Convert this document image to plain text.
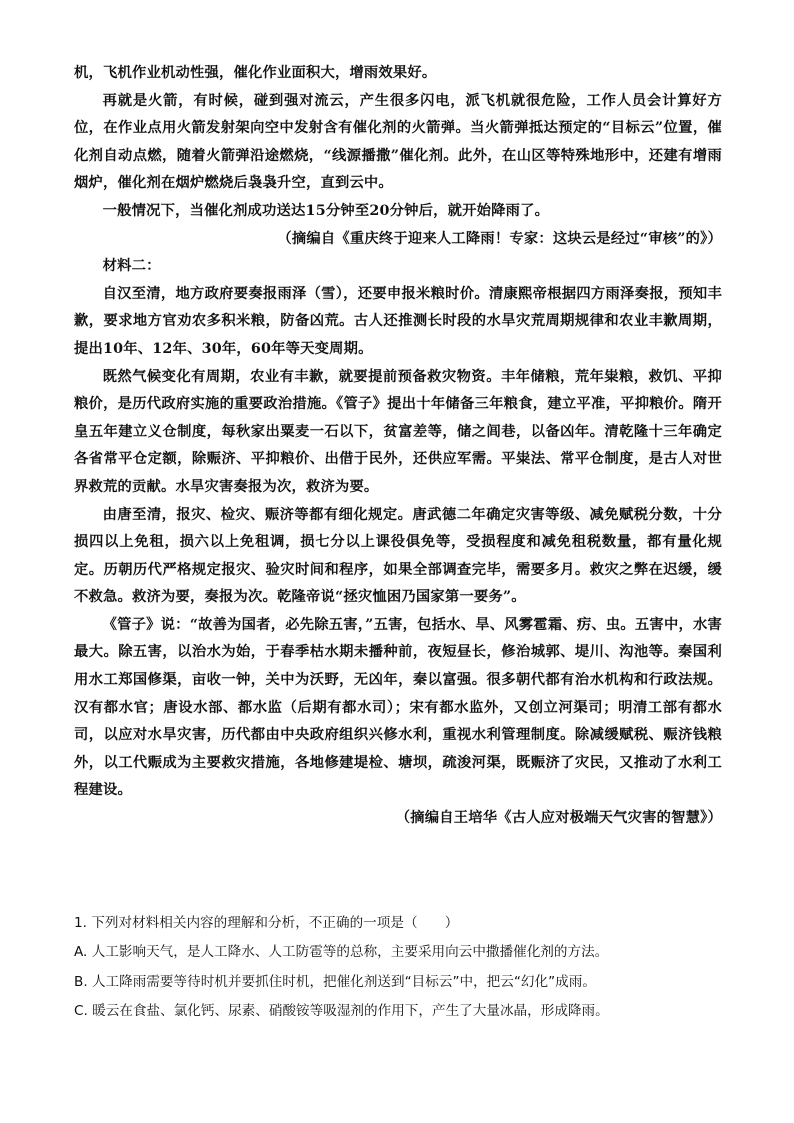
机，飞机作业机动性强，催化作业面积大，增雨效果好。

再就是火箭，有时候，碰到强对流云，产生很多闪电，派飞机就很危险，工作人员会计算好方位，在作业点用火箭发射架向空中发射含有催化剂的火箭弹。当火箭弹抵达预定的“目标云”位置，催化剂自动点燃，随着火箭弹沿途燃烧，“线源播撒”催化剂。此外，在山区等特殊地形中，还建有增雨烟炉，催化剂在烟炉燃烧后袅袅升空，直到云中。

一般情况下，当催化剂成功送达15分钟至20分钟后，就开始降雨了。

（摘编自《重庆终于迎来人工降雨！专家：这块云是经过“审核”的》）

材料二：

自汉至清，地方政府要奏报雨泽（雪），还要申报米粮时价。清康熙帝根据四方雨泽奏报，预知丰歉，要求地方官劝农多积米粮，防备凶荒。古人还推测长时段的水旱灾荒周期规律和农业丰歉周期，提出10年、12年、30年，60年等天变周期。

既然气候变化有周期，农业有丰歉，就要提前预备救灾物资。丰年储粮，荒年粜粮，救饥、平抑粮价，是历代政府实施的重要政治措施。《管子》提出十年储备三年粮食，建立平准，平抑粮价。隋开皇五年建立义仓制度，每秋家出粟麦一石以下，贫富差等，储之闾巷，以备凶年。清乾隆十三年确定各省常平仓定额，除赈济、平抑粮价、出借于民外，还供应军需。平粜法、常平仓制度，是古人对世界救荒的贡献。水旱灾害奏报为次，救济为要。

由唐至清，报灾、检灾、赈济等都有细化规定。唐武德二年确定灾害等级、减免赋税分数，十分损四以上免租，损六以上免租调，损七分以上课役俱免等，受损程度和减免租税数量，都有量化规定。历朝历代严格规定报灾、验灾时间和程序，如果全部调查完毕，需要多月。救灾之弊在迟缓，缓不救急。救济为要，奏报为次。乾隆帝说“拯灾恤困乃国家第一要务”。

《管子》说：“故善为国者，必先除五害，”五害，包括水、旱、风雾雹霜、疠、虫。五害中，水害最大。除五害，以治水为始，于春季枯水期未播种前，夜短昼长，修治城郭、堤川、沟池等。秦国利用水工郑国修渠，亩收一钟，关中为沃野，无凶年，秦以富强。很多朝代都有治水机构和行政法规。汉有都水官；唐设水部、都水监（后期有都水司）；宋有都水监外，又创立河渠司；明清工部有都水司，以应对水旱灾害，历代都由中央政府组织兴修水利，重视水利管理制度。除减缓赋税、赈济钱粮外，以工代赈成为主要救灾措施，各地修建堤检、塘坝，疏浚河渠，既赈济了灾民，又推动了水利工程建设。

（摘编自王培华《古人应对极端天气灾害的智慧》）

1. 下列对材料相关内容的理解和分析，不正确的一项是（　　）

A. 人工影响天气，是人工降水、人工防雹等的总称，主要采用向云中撒播催化剂的方法。

B. 人工降雨需要等待时机并要抓住时机，把催化剂送到“目标云”中，把云“幻化”成雨。

C. 暖云在食盐、氯化钙、尿素、硝酸铵等吸湿剂的作用下，产生了大量冰晶，形成降雨。
